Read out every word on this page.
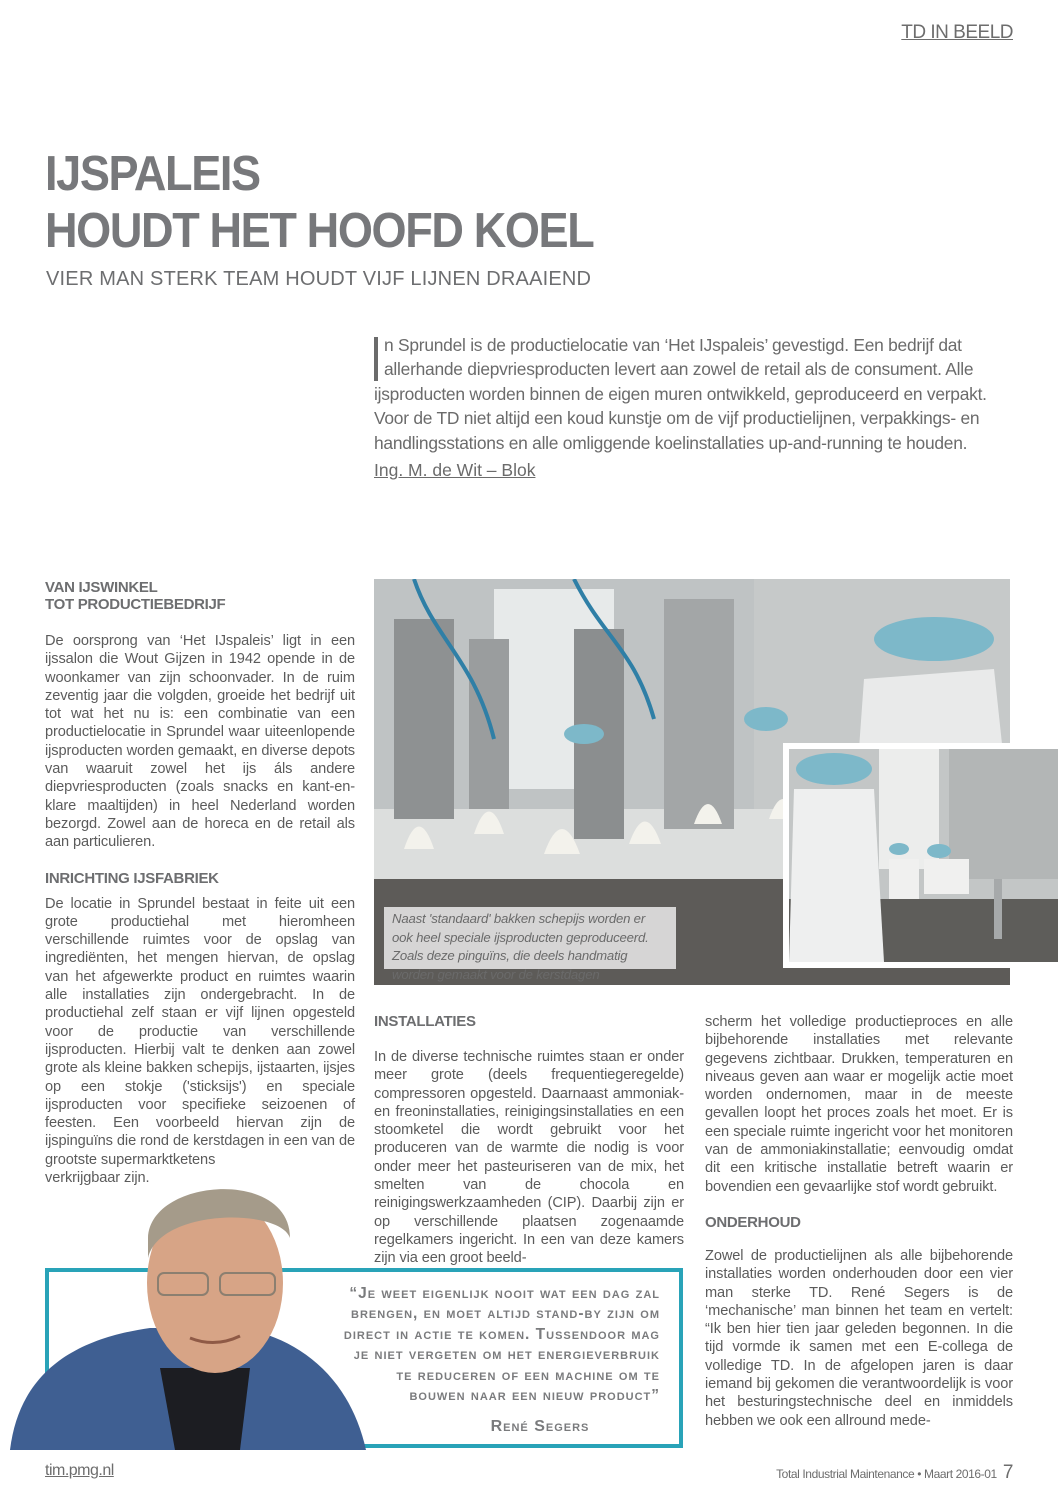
TD IN BEELD
IJSPALEIS
HOUDT HET HOOFD KOEL
VIER MAN STERK TEAM HOUDT VIJF LIJNEN DRAAIEND
n Sprundel is de productielocatie van ‘Het IJspaleis’ gevestigd. Een bedrijf dat allerhande diepvriesproducten levert aan zowel de retail als de consument. Alle ijsproducten worden binnen de eigen muren ontwikkeld, geproduceerd en verpakt. Voor de TD niet altijd een koud kunstje om de vijf productielijnen, verpakkings- en handlingsstations en alle omliggende koelinstallaties up-and-running te houden.
Ing. M. de Wit – Blok
VAN IJSWINKEL
TOT PRODUCTIEBEDRIJF

De oorsprong van ‘Het IJspaleis’ ligt in een ijssalon die Wout Gijzen in 1942 opende in de woonkamer van zijn schoonvader. In de ruim zeventig jaar die volgden, groeide het bedrijf uit tot wat het nu is: een combinatie van een productielocatie in Sprundel waar uiteenlopende ijsproducten worden gemaakt, en diverse depots van waaruit zowel het ijs áls andere diepvriesproducten (zoals snacks en kant-en-klare maaltijden) in heel Nederland worden bezorgd. Zowel aan de horeca en de retail als aan particulieren.

INRICHTING IJSFABRIEK

De locatie in Sprundel bestaat in feite uit een grote productiehal met hieromheen verschillende ruimtes voor de opslag van ingrediënten, het mengen hiervan, de opslag van het afgewerkte product en ruimtes waarin alle installaties zijn ondergebracht. In de productiehal zelf staan er vijf lijnen opgesteld voor de productie van verschillende ijsproducten. Hierbij valt te denken aan zowel grote als kleine bakken schepijs, ijstaarten, ijsjes op een stokje ('sticksijs') en speciale ijsproducten voor specifieke seizoenen of feesten. Een voorbeeld hiervan zijn de ijspinguïns die rond de kerstdagen in een van de grootste supermarktketens

verkrijgbaar zijn.

Naast 'standaard' bakken schepijs worden er ook heel speciale ijsproducten geproduceerd. Zoals deze pinguïns, die deels handmatig worden gemaakt voor de kerstdagen
INSTALLATIES

In de diverse technische ruimtes staan er onder meer grote (deels frequentiegeregelde) compressoren opgesteld. Daarnaast ammoniak- en freoninstallaties, reinigingsinstallaties en een stoomketel die wordt gebruikt voor het produceren van de warmte die nodig is voor onder meer het pasteuriseren van de mix, het smelten van de chocola en reinigingswerkzaamheden (CIP). Daarbij zijn er op verschillende plaatsen zogenaamde regelkamers ingericht. In een van deze kamers zijn via een groot beeld-

scherm het volledige productieproces en alle bijbehorende installaties met relevante gegevens zichtbaar. Drukken, temperaturen en niveaus geven aan waar er mogelijk actie moet worden ondernomen, maar in de meeste gevallen loopt het proces zoals het moet. Er is een speciale ruimte ingericht voor het monitoren van de ammoniakinstallatie; eenvoudig omdat dit een kritische installatie betreft waarin er bovendien een gevaarlijke stof wordt gebruikt.

ONDERHOUD

Zowel de productielijnen als alle bijbehorende installaties worden onderhouden door een vier man sterke TD. René Segers is de ‘mechanische’ man binnen het team en vertelt: “Ik ben hier tien jaar geleden begonnen. In die tijd vormde ik samen met een E-collega de volledige TD. In de afgelopen jaren is daar iemand bij gekomen die verantwoordelijk is voor het besturingstechnische deel en inmiddels hebben we ook een allround mede-

“Je weet eigenlijk nooit wat een dag zal
brengen, en moet altijd stand-by zijn om
direct in actie te komen. Tussendoor mag
je niet vergeten om het energieverbruik
te reduceren of een machine om te
bouwen naar een nieuw product”
René Segers
tim.pmg.nl	Total Industrial Maintenance • Maart 2016-01 7
